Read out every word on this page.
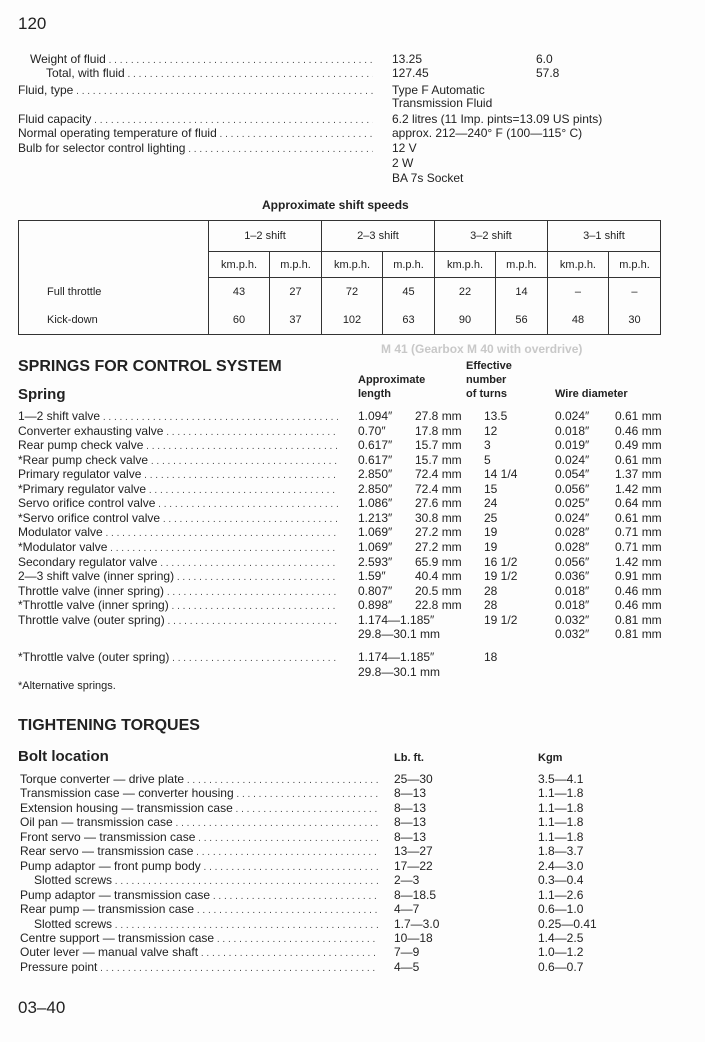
120
Weight of fluid . . .	13.25	6.0
Total, with fluid . . .	127.45	57.8
Fluid, type . . .	Type F Automatic
Transmission Fluid
Fluid capacity . . .	6.2 litres (11 Imp. pints=13.09 US pints)
Normal operating temperature of fluid . . .	approx. 212—240° F (100—115° C)
Bulb for selector control lighting . . .	12 V
2 W
BA 7s Socket
Approximate shift speeds
	1–2 shift		2–3 shift		3–2 shift		3–1 shift	
	km.p.h.	m.p.h.	km.p.h.	m.p.h.	km.p.h.	m.p.h.	km.p.h.	m.p.h.
Full throttle	43	27	72	45	22	14	–	–
Kick-down	60	37	102	63	90	56	48	30
SPRINGS FOR CONTROL SYSTEM
Spring
Approximate
length
Effective
number
of turns	Wire diameter
1—2 shift valve . . .	1.094″ 27.8 mm 13.5	0.024″ 0.61 mm
Converter exhausting valve . . .	0.70″ 17.8 mm 12	0.018″ 0.46 mm
Rear pump check valve . . .	0.617″ 15.7 mm 3	0.019″ 0.49 mm
*Rear pump check valve . . .	0.617″ 15.7 mm 5	0.024″ 0.61 mm
Primary regulator valve . . .	2.850″ 72.4 mm 14 1/4	0.054″ 1.37 mm
*Primary regulator valve . . .	2.850″ 72.4 mm 15	0.056″ 1.42 mm
Servo orifice control valve . . .	1.086″ 27.6 mm 24	0.025″ 0.64 mm
*Servo orifice control valve . . .	1.213″ 30.8 mm 25	0.024″ 0.61 mm
Modulator valve . . .	1.069″ 27.2 mm 19	0.028″ 0.71 mm
*Modulator valve . . .	1.069″ 27.2 mm 19	0.028″ 0.71 mm
Secondary regulator valve . . .	2.593″ 65.9 mm 16 1/2	0.056″ 1.42 mm
2—3 shift valve (inner spring) . . .	1.59″ 40.4 mm 19 1/2	0.036″ 0.91 mm
Throttle valve (inner spring) . . .	0.807″ 20.5 mm 28	0.018″ 0.46 mm
*Throttle valve (inner spring) . . .	0.898″ 22.8 mm 28	0.018″ 0.46 mm
Throttle valve (outer spring) . . .	1.174—1.185″	19 1/2	0.032″ 0.81 mm
29.8—30.1 mm	0.032″ 0.81 mm
*Throttle valve (outer spring) . . .	1.174—1.185″	18
29.8—30.1 mm
*Alternative springs.
TIGHTENING TORQUES
Bolt location	Lb. ft.	Kgm
Torque converter — drive plate . . .	25—30	3.5—4.1
Transmission case — converter housing . . .	8—13	1.1—1.8
Extension housing — transmission case . . .	8—13	1.1—1.8
Oil pan — transmission case . . .	8—13	1.1—1.8
Front servo — transmission case . . .	8—13	1.1—1.8
Rear servo — transmission case . . .	13—27	1.8—3.7
Pump adaptor — front pump body . . .	17—22	2.4—3.0
Slotted screws . . .	2—3	0.3—0.4
Pump adaptor — transmission case . . .	8—18.5	1.1—2.6
Rear pump — transmission case . . .	4—7	0.6—1.0
Slotted screws . . .	1.7—3.0	0.25—0.41
Centre support — transmission case . . .	10—18	1.4—2.5
Outer lever — manual valve shaft . . .	7—9	1.0—1.2
Pressure point . . .	4—5	0.6—0.7
M 41 (Gearbox M 40 with overdrive)
03–40
